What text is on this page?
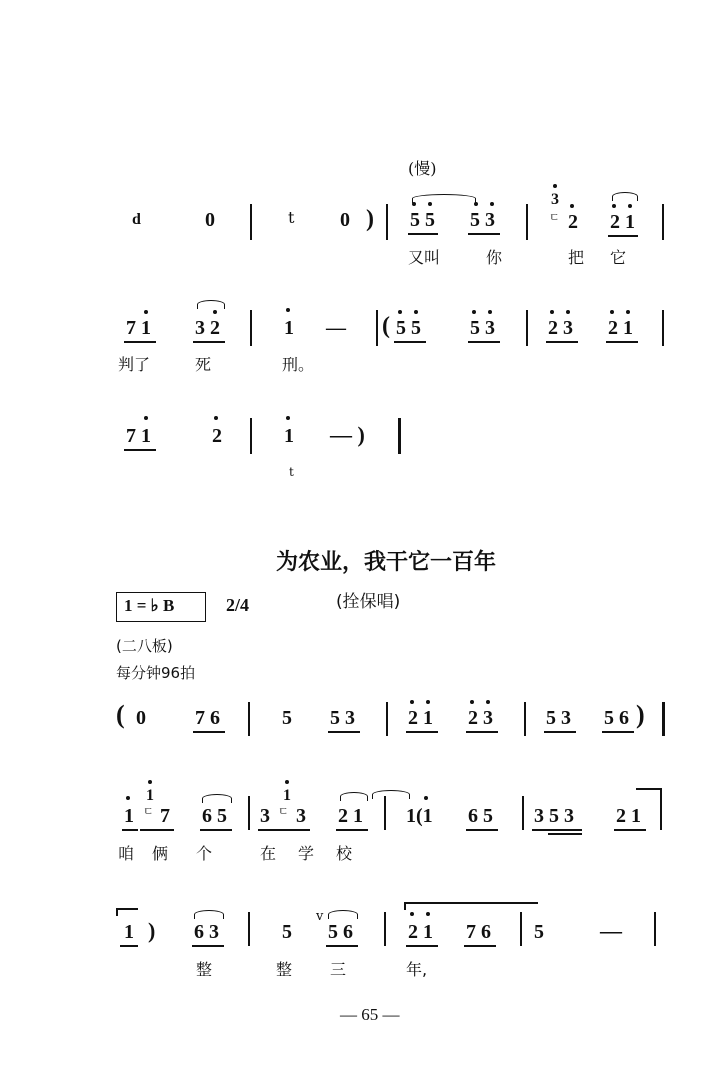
(慢)
d	0	t 0 ) 5 5 5 3
3
ㄷ 2 2 1
又叫	你	把 它
7 1 3 2	1 — ( 5 5 5 3	2 3 2 1
判了	死	刑。
7 1	2	1 — )
t
为农业，我干它一百年
1 = ♭ B	2/4	(拴保唱)
(二八板)
每分钟96拍
( 0 7 6	5 5 3	2 1 2 3	5 3 5 6 )
1
1
ㄷ 7 6 5 3
1
ㄷ 3 2 1 1(1 6 5 3 5 3 2 1
咱 俩 个	在 学 校
1 ) 6 3	5
v
5 6	2 1 7 6 5	—
整	整 三	年,
— 65 —
